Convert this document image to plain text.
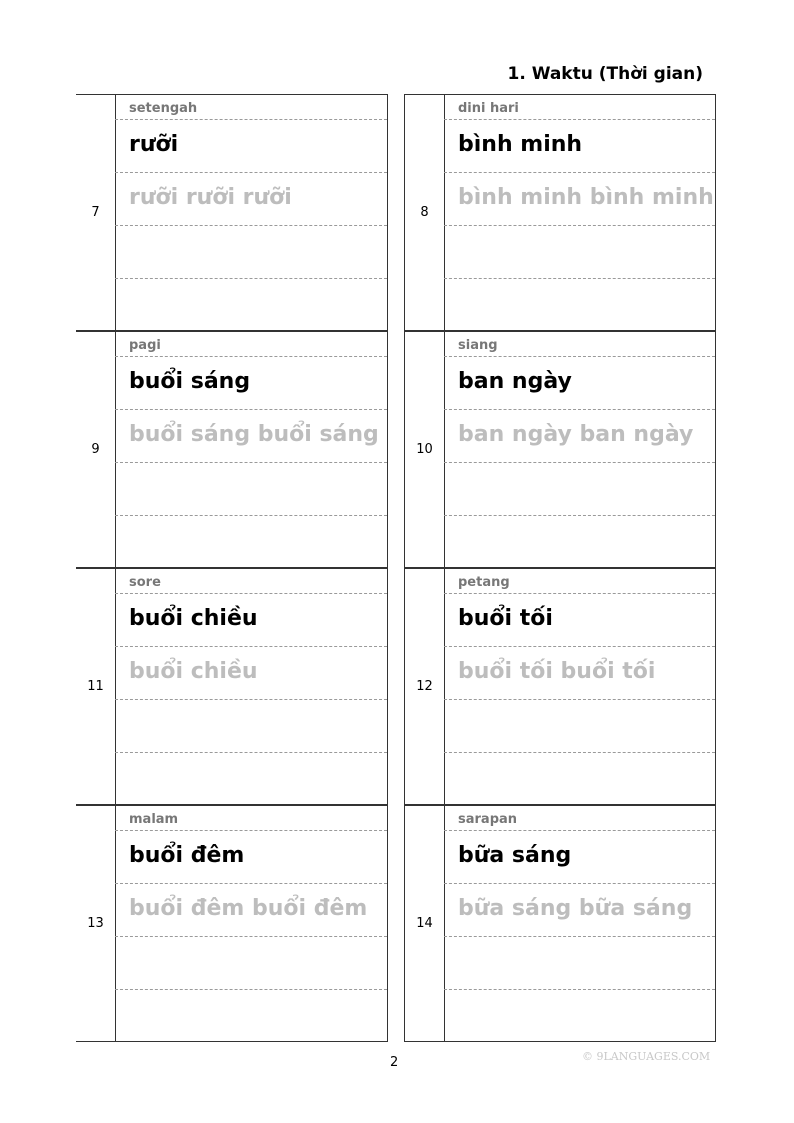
1. Waktu (Thời gian)
7
setengah
rưỡi
rưỡi rưỡi rưỡi
8
dini hari
bình minh
bình minh bình minh
9
pagi
buổi sáng
buổi sáng buổi sáng
10
siang
ban ngày
ban ngày ban ngày
11
sore
buổi chiều
buổi chiều
12
petang
buổi tối
buổi tối buổi tối
13
malam
buổi đêm
buổi đêm buổi đêm
14
sarapan
bữa sáng
bữa sáng bữa sáng
2	© 9LANGUAGES.COM
